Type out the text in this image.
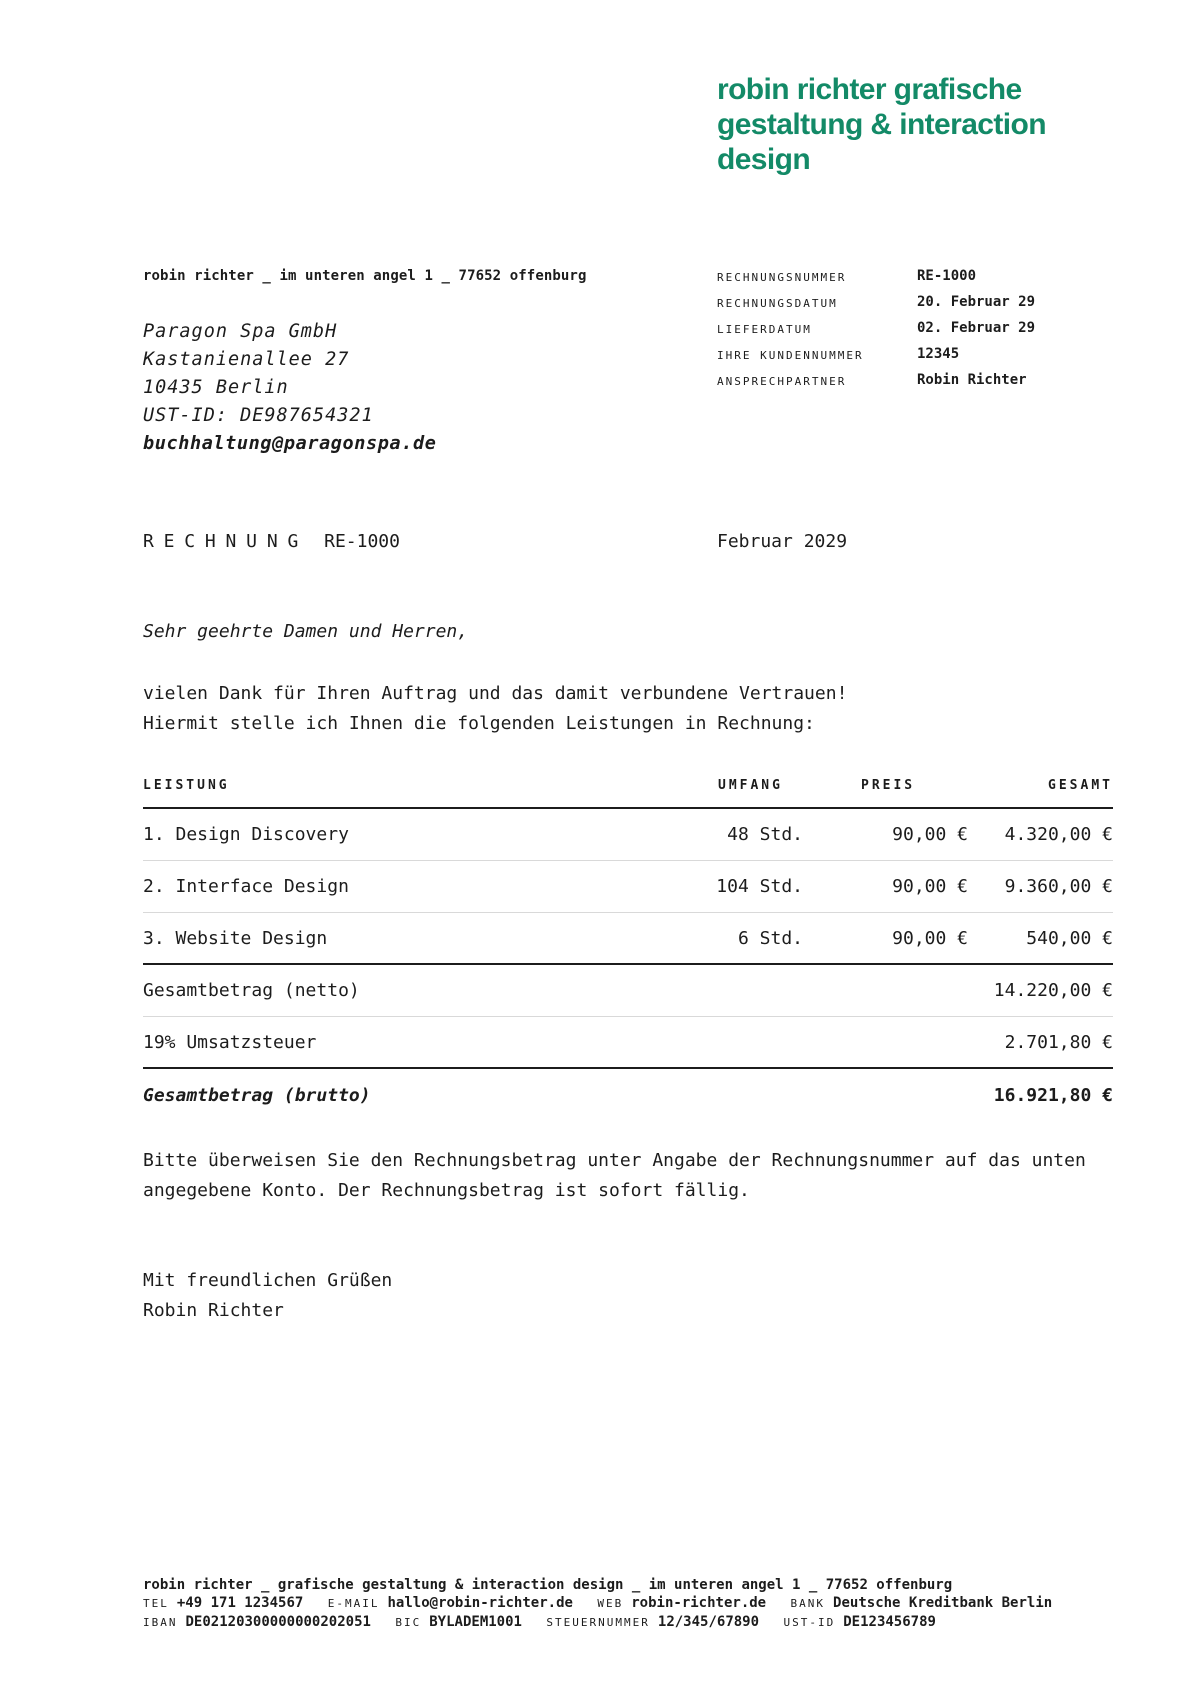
robin richter grafische gestaltung & interaction design
robin richter _ im unteren angel 1 _ 77652 offenburg
Paragon Spa GmbH
Kastanienallee 27
10435 Berlin
UST-ID: DE987654321
buchhaltung@paragonspa.de
RECHNUNGSNUMMER	RE-1000
RECHNUNGSDATUM	20. Februar 29
LIEFERDATUM	02. Februar 29
IHRE KUNDENNUMMER	12345
ANSPRECHPARTNER	Robin Richter
RECHNUNG RE-1000	Februar 2029
Sehr geehrte Damen und Herren,
vielen Dank für Ihren Auftrag und das damit verbundene Vertrauen!
Hiermit stelle ich Ihnen die folgenden Leistungen in Rechnung:
LEISTUNG	UMFANG	PREIS	GESAMT
1. Design Discovery	48 Std.	90,00 €	4.320,00 €
2. Interface Design	104 Std.	90,00 €	9.360,00 €
3. Website Design	6 Std.	90,00 €	540,00 €
Gesamtbetrag (netto)	14.220,00 €
19% Umsatzsteuer	2.701,80 €
Gesamtbetrag (brutto)	16.921,80 €
Bitte überweisen Sie den Rechnungsbetrag unter Angabe der Rechnungsnummer auf das unten angegebene Konto. Der Rechnungsbetrag ist sofort fällig.
Mit freundlichen Grüßen
Robin Richter
robin richter _ grafische gestaltung & interaction design _ im unteren angel 1 _ 77652 offenburg
TEL +49 171 1234567 E-MAIL hallo@robin-richter.de WEB robin-richter.de BANK Deutsche Kreditbank Berlin
IBAN DE02120300000000202051 BIC BYLADEM1001 STEUERNUMMER 12/345/67890 UST-ID DE123456789
